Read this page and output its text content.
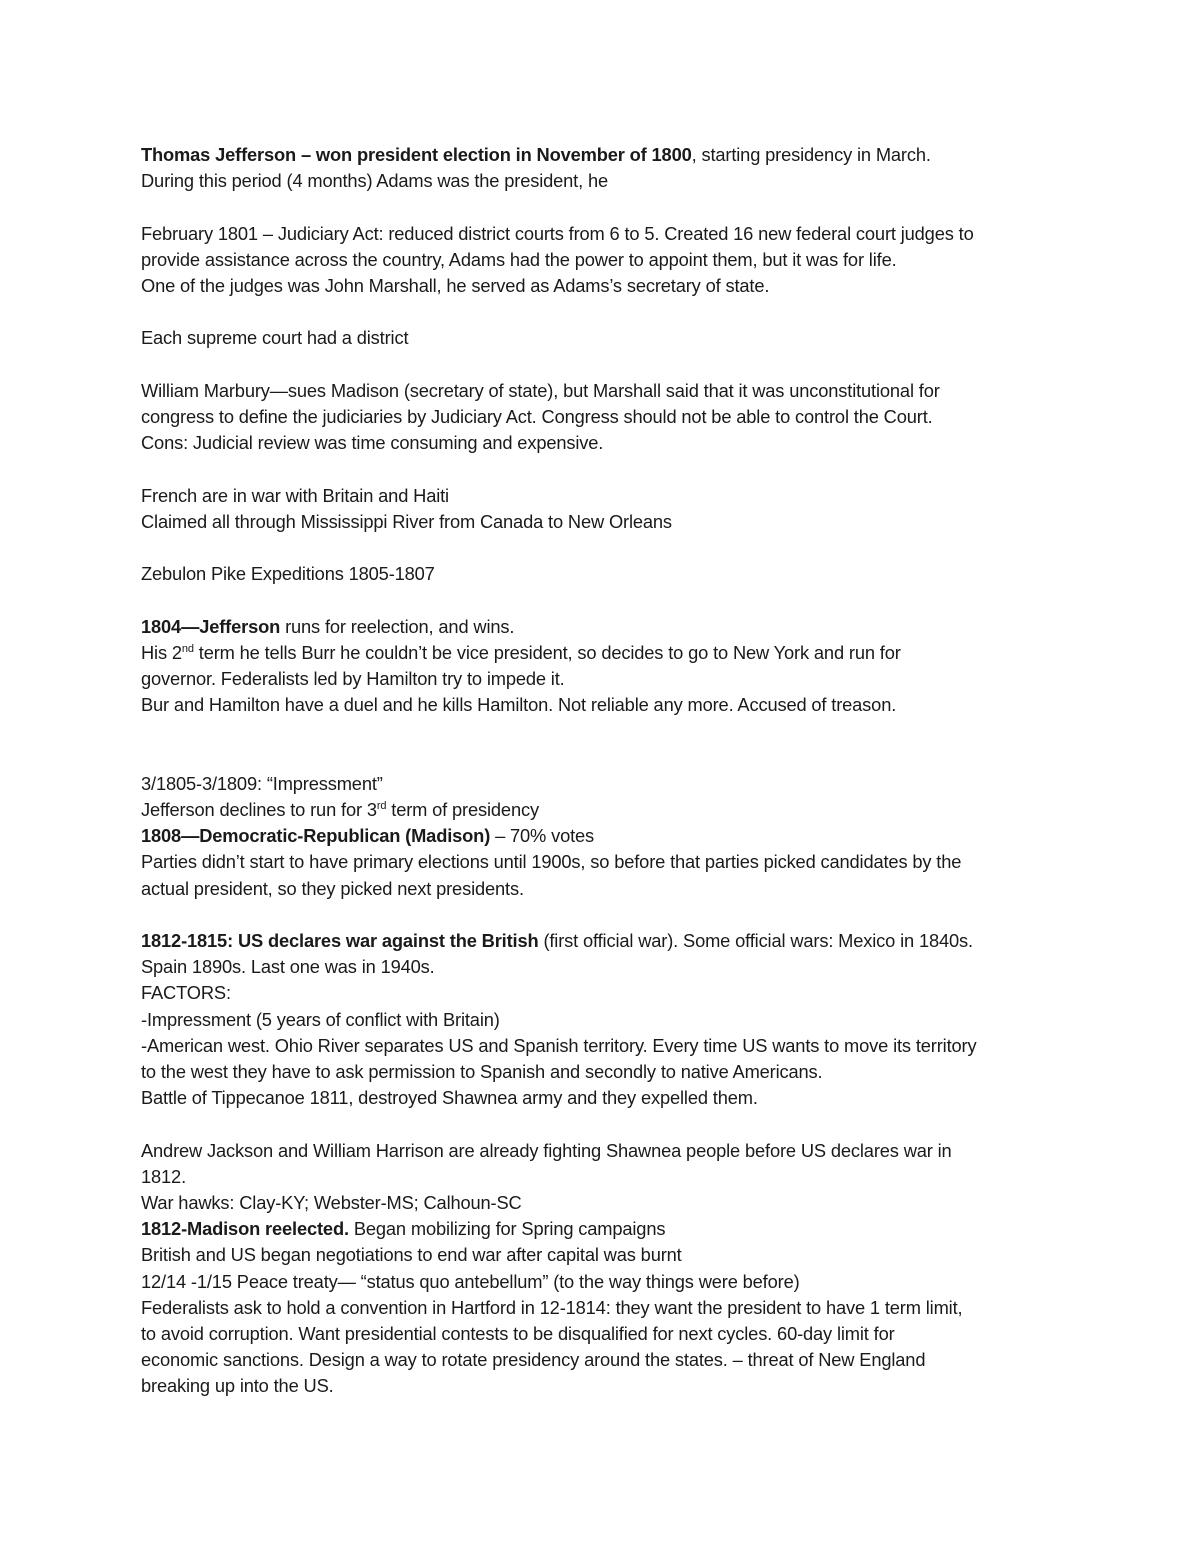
Thomas Jefferson – won president election in November of 1800, starting presidency in March.

During this period (4 months) Adams was the president, he

February 1801 – Judiciary Act: reduced district courts from 6 to 5. Created 16 new federal court judges to

provide assistance across the country, Adams had the power to appoint them, but it was for life.

One of the judges was John Marshall, he served as Adams’s secretary of state.

Each supreme court had a district

William Marbury—sues Madison (secretary of state), but Marshall said that it was unconstitutional for

congress to define the judiciaries by Judiciary Act. Congress should not be able to control the Court.

Cons: Judicial review was time consuming and expensive.

French are in war with Britain and Haiti

Claimed all through Mississippi River from Canada to New Orleans

Zebulon Pike Expeditions 1805-1807

1804—Jefferson runs for reelection, and wins.

His 2nd term he tells Burr he couldn’t be vice president, so decides to go to New York and run for

governor. Federalists led by Hamilton try to impede it.

Bur and Hamilton have a duel and he kills Hamilton. Not reliable any more. Accused of treason.

3/1805-3/1809: “Impressment”

Jefferson declines to run for 3rd term of presidency

1808—Democratic-Republican (Madison) – 70% votes

Parties didn’t start to have primary elections until 1900s, so before that parties picked candidates by the

actual president, so they picked next presidents.

1812-1815: US declares war against the British (first official war). Some official wars: Mexico in 1840s.

Spain 1890s. Last one was in 1940s.

FACTORS:

-Impressment (5 years of conflict with Britain)

-American west. Ohio River separates US and Spanish territory. Every time US wants to move its territory

to the west they have to ask permission to Spanish and secondly to native Americans.

Battle of Tippecanoe 1811, destroyed Shawnea army and they expelled them.

Andrew Jackson and William Harrison are already fighting Shawnea people before US declares war in

1812.

War hawks: Clay-KY; Webster-MS; Calhoun-SC

1812-Madison reelected. Began mobilizing for Spring campaigns

British and US began negotiations to end war after capital was burnt

12/14 -1/15 Peace treaty— “status quo antebellum” (to the way things were before)

Federalists ask to hold a convention in Hartford in 12-1814: they want the president to have 1 term limit,

to avoid corruption. Want presidential contests to be disqualified for next cycles. 60-day limit for

economic sanctions. Design a way to rotate presidency around the states. – threat of New England

breaking up into the US.
